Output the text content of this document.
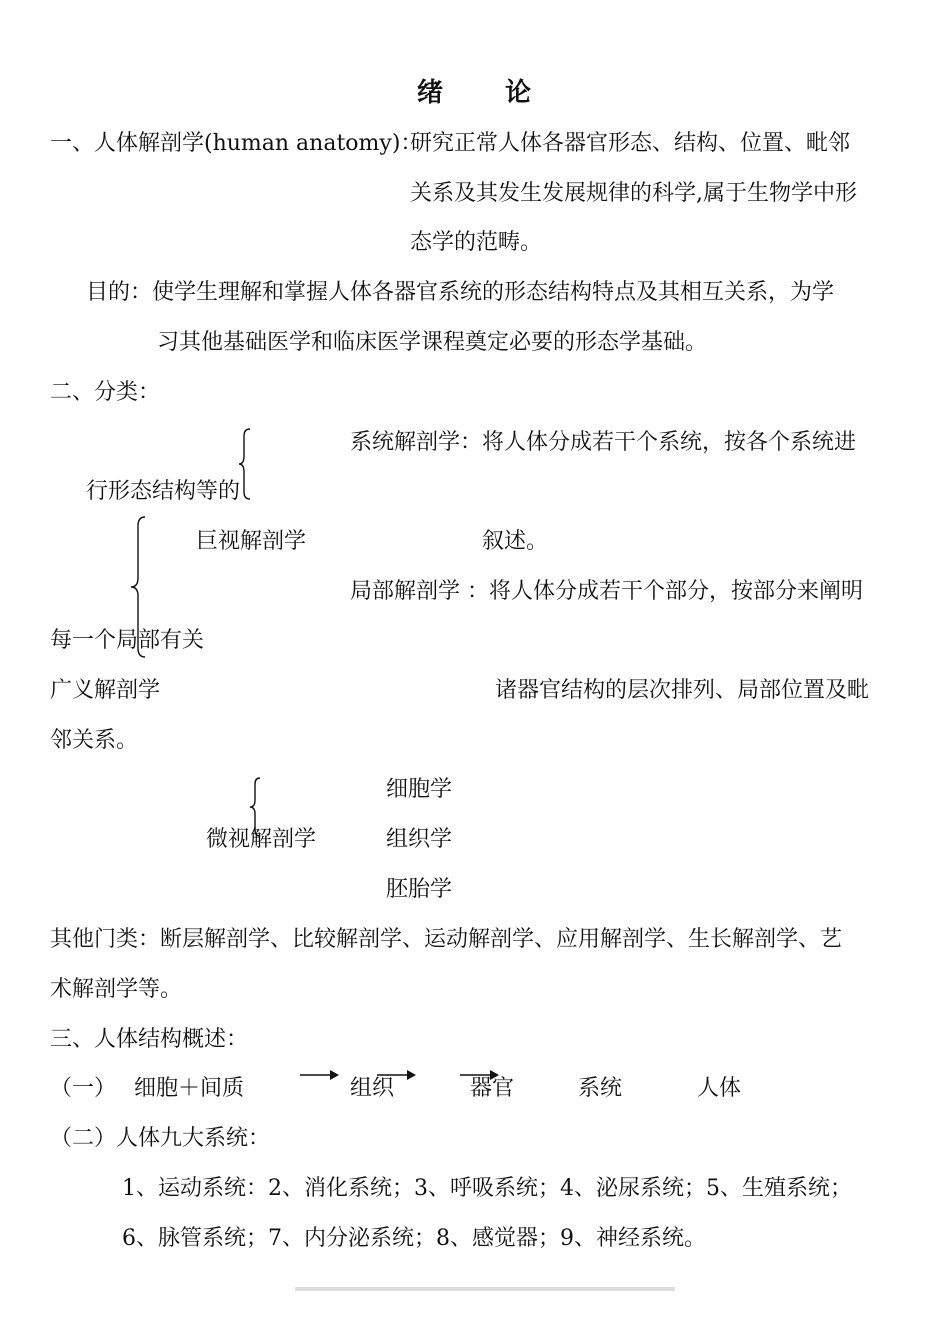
绪 论
一、人体解剖学(human anatomy)：
研究正常人体各器官形态、结构、位置、毗邻
关系及其发生发展规律的科学,属于生物学中形
态学的范畴。
目的：使学生理解和掌握人体各器官系统的形态结构特点及其相互关系，为学
习其他基础医学和临床医学课程奠定必要的形态学基础。
二、分类：
系统解剖学：将人体分成若干个系统，按各个系统进
行形态结构等的
巨视解剖学	叙述。
局部解剖学 ：将人体分成若干个部分，按部分来阐明
每一个局部有关
广义解剖学	诸器官结构的层次排列、局部位置及毗
邻关系。
细胞学
微视解剖学	组织学
胚胎学
其他门类：断层解剖学、比较解剖学、运动解剖学、应用解剖学、生长解剖学、艺
术解剖学等。
三、人体结构概述：
（一） 细胞＋间质	组织	器官	系统	人体
（二）人体九大系统：
1、运动系统：2、消化系统；3、呼吸系统；4、泌尿系统；5、生殖系统；
6、脉管系统；7、内分泌系统；8、感觉器；9、神经系统。
